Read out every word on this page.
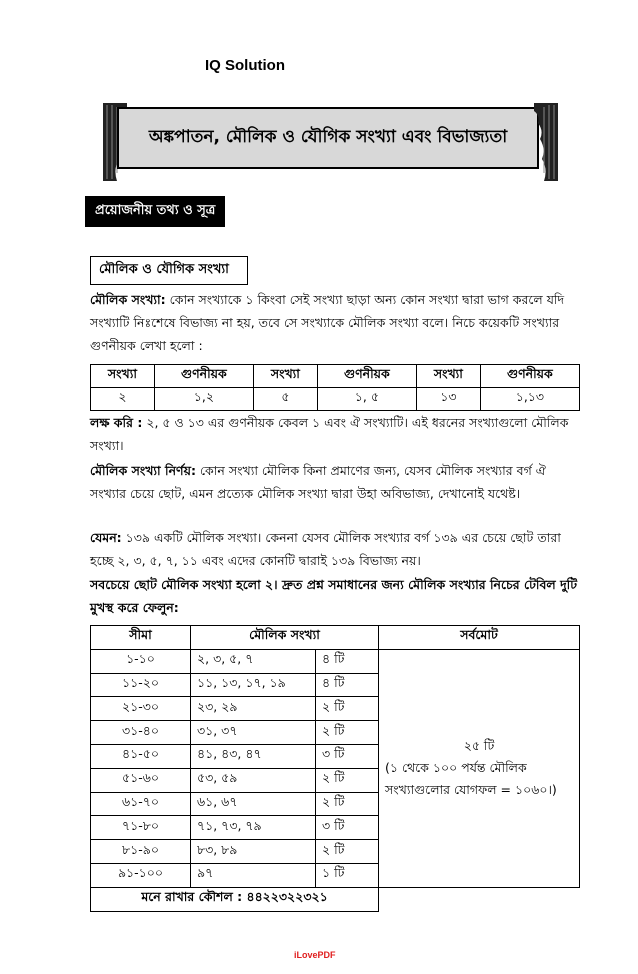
IQ Solution
অঙ্কপাতন, মৌলিক ও যৌগিক সংখ্যা এবং বিভাজ্যতা
প্রয়োজনীয় তথ্য ও সূত্র
মৌলিক ও যৌগিক সংখ্যা
মৌলিক সংখ্যা: কোন সংখ্যাকে ১ কিংবা সেই সংখ্যা ছাড়া অন্য কোন সংখ্যা দ্বারা ভাগ করলে যদি সংখ্যাটি নিঃশেষে বিভাজ্য না হয়, তবে সে সংখ্যাকে মৌলিক সংখ্যা বলে। নিচে কয়েকটি সংখ্যার গুণনীয়ক লেখা হলো :
সংখ্যা	গুণনীয়ক	সংখ্যা	গুণনীয়ক	সংখ্যা	গুণনীয়ক
২	১,২	৫	১, ৫	১৩	১,১৩
লক্ষ করি : ২, ৫ ও ১৩ এর গুণনীয়ক কেবল ১ এবং ঐ সংখ্যাটি। এই ধরনের সংখ্যাগুলো মৌলিক সংখ্যা।
মৌলিক সংখ্যা নির্ণয়: কোন সংখ্যা মৌলিক কিনা প্রমাণের জন্য, যেসব মৌলিক সংখ্যার বর্গ ঐ সংখ্যার চেয়ে ছোট, এমন প্রত্যেক মৌলিক সংখ্যা দ্বারা উহা অবিভাজ্য, দেখানোই যথেষ্ট।
যেমন: ১৩৯ একটি মৌলিক সংখ্যা। কেননা যেসব মৌলিক সংখ্যার বর্গ ১৩৯ এর চেয়ে ছোট তারা হচ্ছে ২, ৩, ৫, ৭, ১১ এবং এদের কোনটি দ্বারাই ১৩৯ বিভাজ্য নয়।
সবচেয়ে ছোট মৌলিক সংখ্যা হলো ২। দ্রুত প্রশ্ন সমাধানের জন্য মৌলিক সংখ্যার নিচের টেবিল দুটি মুখস্থ করে ফেলুন:
সীমা	মৌলিক সংখ্যা		সর্বমোট
১-১০	২, ৩, ৫, ৭	৪ টি	২৫ টি
(১ থেকে ১০০ পর্যন্ত মৌলিক সংখ্যাগুলোর যোগফল = ১০৬০।)

১১-২০	১১, ১৩, ১৭, ১৯	৪ টি	
২১-৩০	২৩, ২৯	২ টি	
৩১-৪০	৩১, ৩৭	২ টি	
৪১-৫০	৪১, ৪৩, ৪৭	৩ টি	
৫১-৬০	৫৩, ৫৯	২ টি	
৬১-৭০	৬১, ৬৭	২ টি	
৭১-৮০	৭১, ৭৩, ৭৯	৩ টি	
৮১-৯০	৮৩, ৮৯	২ টি	
৯১-১০০	৯৭	১ টি	
মনে রাখার কৌশল : ৪৪২২৩২২৩২১			
iLovePDF
